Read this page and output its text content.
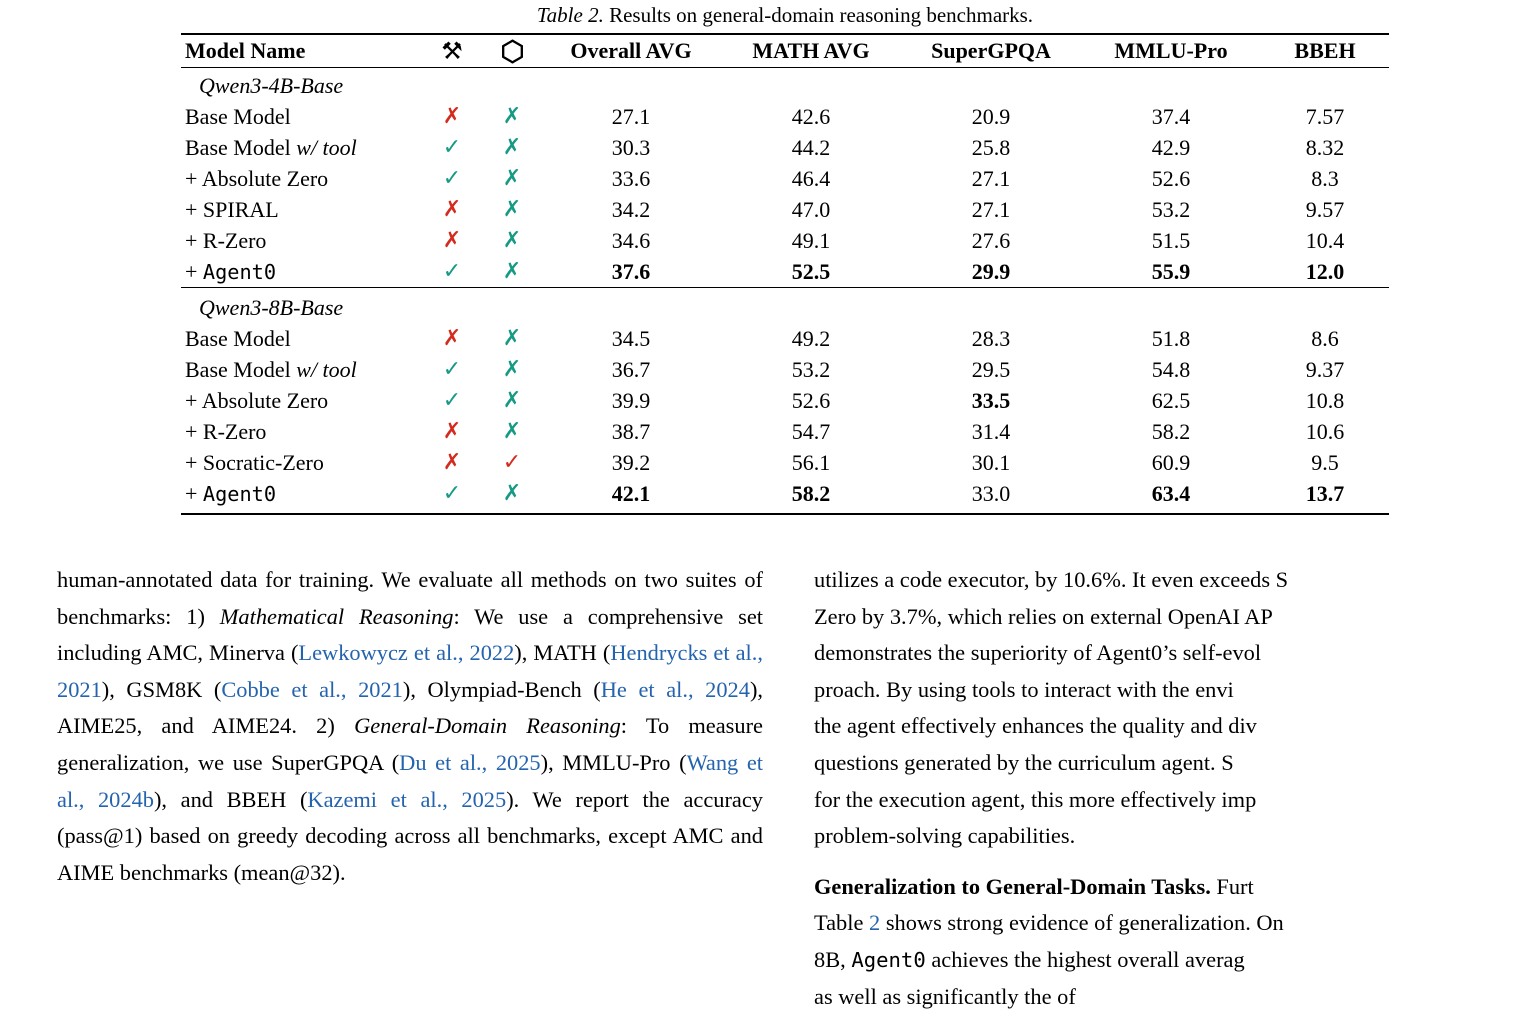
Table 2. Results on general-domain reasoning benchmarks.
Model Name	⚒		Overall AVG	MATH AVG	SuperGPQA	MMLU-Pro	BBEH
Qwen3-4B-Base							
Base Model	✗	✗	27.1	42.6	20.9	37.4	7.57
Base Model w/ tool	✓	✗	30.3	44.2	25.8	42.9	8.32
+ Absolute Zero	✓	✗	33.6	46.4	27.1	52.6	8.3
+ SPIRAL	✗	✗	34.2	47.0	27.1	53.2	9.57
+ R-Zero	✗	✗	34.6	49.1	27.6	51.5	10.4
+ Agent0	✓	✗	37.6	52.5	29.9	55.9	12.0
Qwen3-8B-Base							
Base Model	✗	✗	34.5	49.2	28.3	51.8	8.6
Base Model w/ tool	✓	✗	36.7	53.2	29.5	54.8	9.37
+ Absolute Zero	✓	✗	39.9	52.6	33.5	62.5	10.8
+ R-Zero	✗	✗	38.7	54.7	31.4	58.2	10.6
+ Socratic-Zero	✗	✓	39.2	56.1	30.1	60.9	9.5
+ Agent0	✓	✗	42.1	58.2	33.0	63.4	13.7

human-annotated data for training. We evaluate all methods on two suites of benchmarks: 1) Mathematical Reasoning: We use a comprehensive set including AMC, Minerva (Lewkowycz et al., 2022), MATH (Hendrycks et al., 2021), GSM8K (Cobbe et al., 2021), Olympiad-Bench (He et al., 2024), AIME25, and AIME24. 2) General-Domain Reasoning: To measure generalization, we use SuperGPQA (Du et al., 2025), MMLU-Pro (Wang et al., 2024b), and BBEH (Kazemi et al., 2025). We report the accuracy (pass@1) based on greedy decoding across all benchmarks, except AMC and AIME benchmarks (mean@32).

utilizes a code executor, by 10.6%. It even exceeds S
Zero by 3.7%, which relies on external OpenAI AP
demonstrates the superiority of Agent0’s self-evol
proach. By using tools to interact with the envi
the agent effectively enhances the quality and div
questions generated by the curriculum agent. S
for the execution agent, this more effectively imp
problem-solving capabilities.
Generalization to General-Domain Tasks. Furt
Table 2 shows strong evidence of generalization. On
8B, Agent0 achieves the highest overall averag
as well as significantly the of
